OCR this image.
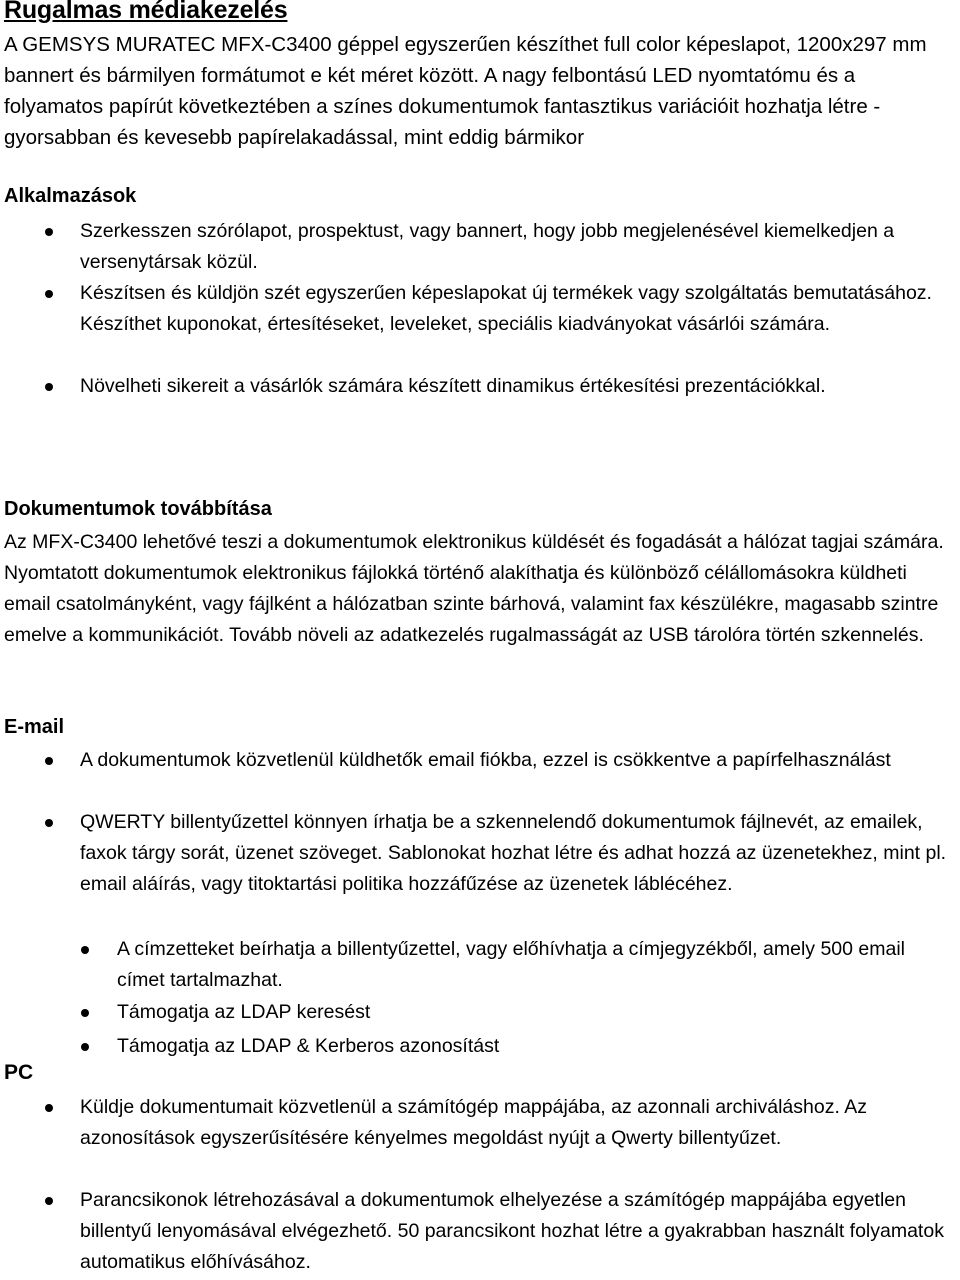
Rugalmas médiakezelés

A GEMSYS MURATEC MFX-C3400 géppel egyszerűen készíthet full color képeslapot, 1200x297 mm bannert és bármilyen formátumot e két méret között. A nagy felbontású LED nyomtatómu és a folyamatos papírút következtében a színes dokumentumok fantasztikus variációit hozhatja létre - gyorsabban és kevesebb papírelakadással, mint eddig bármikor

Alkalmazások
Szerkesszen szórólapot, prospektust, vagy bannert, hogy jobb megjelenésével kiemelkedjen a versenytársak közül.
Készítsen és küldjön szét egyszerűen képeslapokat új termékek vagy szolgáltatás bemutatásához. Készíthet kuponokat, értesítéseket, leveleket, speciális kiadványokat vásárlói számára.
Növelheti sikereit a vásárlók számára készített dinamikus értékesítési prezentációkkal.
Dokumentumok továbbítása

Az MFX-C3400 lehetővé teszi a dokumentumok elektronikus küldését és fogadását a hálózat tagjai számára. Nyomtatott dokumentumok elektronikus fájlokká történő alakíthatja és különböző célállomásokra küldheti email csatolmányként, vagy fájlként a hálózatban szinte bárhová, valamint fax készülékre, magasabb szintre emelve a kommunikációt. Tovább növeli az adatkezelés rugalmasságát az USB tárolóra történ szkennelés.

E-mail
A dokumentumok közvetlenül küldhetők email fiókba, ezzel is csökkentve a papírfelhasználást
QWERTY billentyűzettel könnyen írhatja be a szkennelendő dokumentumok fájlnevét, az emailek, faxok tárgy sorát, üzenet szöveget. Sablonokat hozhat létre és adhat hozzá az üzenetekhez, mint pl. email aláírás, vagy titoktartási politika hozzáfűzése az üzenetek láblécéhez.
A címzetteket beírhatja a billentyűzettel, vagy előhívhatja a címjegyzékből, amely 500 email címet tartalmazhat.
Támogatja az LDAP keresést
Támogatja az LDAP & Kerberos azonosítást
PC
Küldje dokumentumait közvetlenül a számítógép mappájába, az azonnali archiváláshoz. Az azonosítások egyszerűsítésére kényelmes megoldást nyújt a Qwerty billentyűzet.
Parancsikonok létrehozásával a dokumentumok elhelyezése a számítógép mappájába egyetlen billentyű lenyomásával elvégezhető. 50 parancsikont hozhat létre a gyakrabban használt folyamatok automatikus előhívásához.
